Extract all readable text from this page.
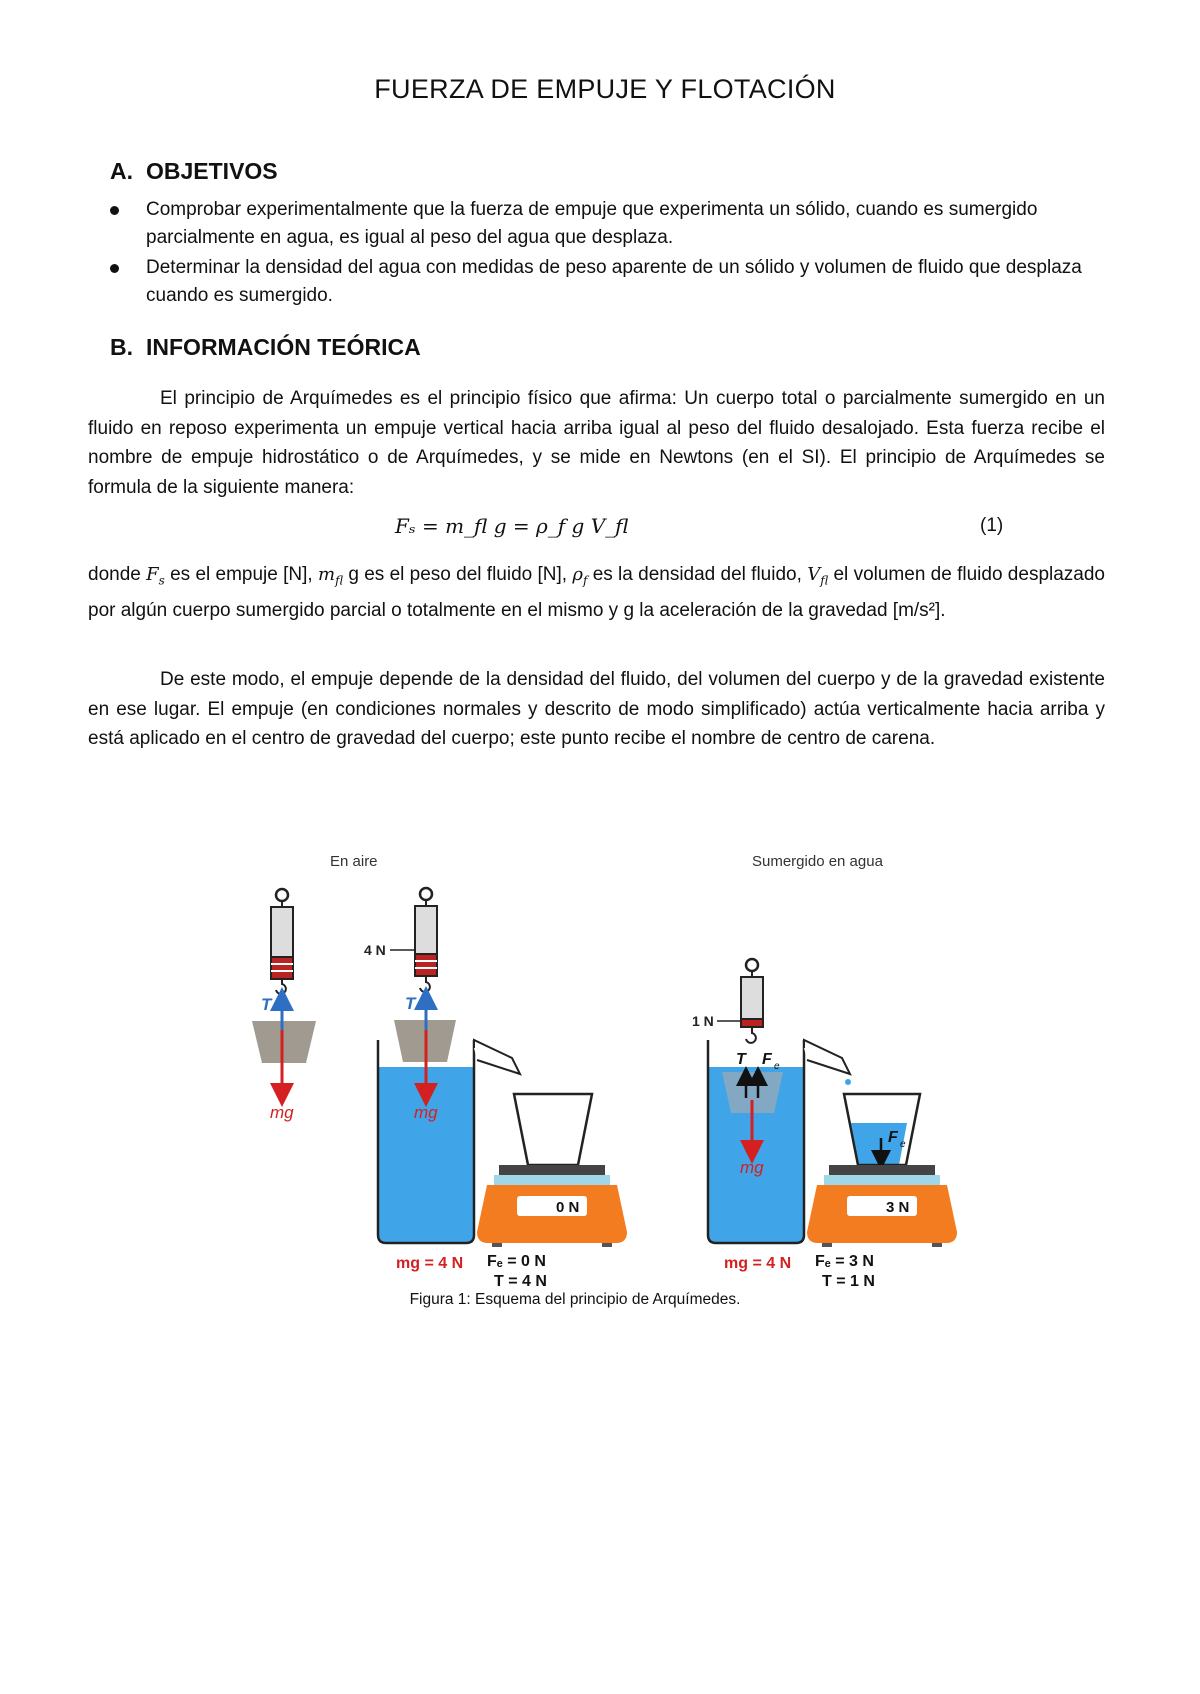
FUERZA DE EMPUJE Y FLOTACIÓN
A. OBJETIVOS
Comprobar experimentalmente que la fuerza de empuje que experimenta un sólido, cuando es sumergido parcialmente en agua, es igual al peso del agua que desplaza.
Determinar la densidad del agua con medidas de peso aparente de un sólido y volumen de fluido que desplaza cuando es sumergido.
B. INFORMACIÓN TEÓRICA

El principio de Arquímedes es el principio físico que afirma: Un cuerpo total o parcialmente sumergido en un fluido en reposo experimenta un empuje vertical hacia arriba igual al peso del fluido desalojado. Esta fuerza recibe el nombre de empuje hidrostático o de Arquímedes, y se mide en Newtons (en el SI). El principio de Arquímedes se formula de la siguiente manera:

Fₛ = m_fl g = ρ_f g V_fl	(1)

donde $F_s$ es el empuje [N], $m_{fl}$ g es el peso del fluido [N], $\rho_f$ es la densidad del fluido, $V_{fl}$ el volumen de fluido desplazado por algún cuerpo sumergido parcial o totalmente en el mismo y g la aceleración de la gravedad [m/s²].

De este modo, el empuje depende de la densidad del fluido, del volumen del cuerpo y de la gravedad existente en ese lugar. El empuje (en condiciones normales y descrito de modo simplificado) actúa verticalmente hacia arriba y está aplicado en el centro de gravedad del cuerpo; este punto recibe el nombre de centro de carena.

En aire	Sumergido en agua
T
mg
4 N
T
mg
0 N
1 N
T F e
mg
F e
3 N
mg = 4 N Fₑ = 0 N
T = 4 N
mg = 4 N Fₑ = 3 N
T = 1 N
Figura 1: Esquema del principio de Arquímedes.
